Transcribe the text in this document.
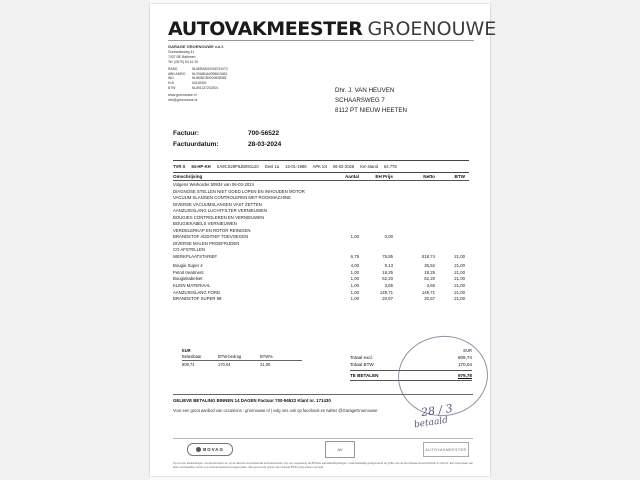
AUTOVAKMEESTER GROENOUWE
GARAGE GROENOUWE v.o.f.
Gorsselseweg 41
7437 BE Bathmen
Tel. (0570) 54 16 20
RABO	NL86RABO0306731070
ABN AMRO NL09ABNA0098619463
ING	NL86INGB0000838065
KvK	54118492
BTW	NL851137231B01
www.groenouwe.nl
info@groenouwe.nl
Dhr. J. VAN HEUVEN
SCHAARSWEG 7
8112 PT NIEUW HEETEN
Factuur:	700-56522
Factuurdatum:	28-03-2024
TVR S	94-HP-KH	SA9CS28P6JB091120	Deel 1a	15-01-1988	APK tot	06-02-2026	Km stand	64.778
Omschrijving	Aantal	EH Prijs	Netto	BTW
Volgens Werkorder 50934 van 06-03-2024
DIAGNOSE STELLEN NIET GOED LOPEN EN INHOUDEN MOTOR
VACUUM SLANGEN CONTROLEREN MET ROOKMACHINE
DIVERSE VACUUMSLANGEN VAST ZETTEN
AANZUIGSLANG LUCHTFILTER VERNIEUWEN
BOUGIES CONTROLEREN EN VERNIEUWEN
BOUGIEKABELS VERNIEUWEN
VERDELERKAP EN ROTOR REINIGEN
BRANDSTOF ADDITIEF TOEVOEGEN	1,00	0,00
DIVERSE MALEN PROEFRIJDEN
CO AFSTELLEN
WERKPLAATSTARIEF	6,75	76,85	518,74	21,00
Bougie Super 4	4,00	9,13	36,52	21,00
Petrol treatment	1,00	18,25	18,25	21,00
Bougiekabelset	1,00	62,20	62,20	21,00
KLEIN MATERIAAL	1,00	3,65	3,65	21,00
AANZUIGSLANG FORD	1,00	149,71	149,71	21,00
BRANDSTOF SUPER 98	1,00	20,67	20,67	21,00
EUR
Belastbaar	BTW-bedrag	BTW%
809,74	170,04	21,00
EUR
Totaal excl.	809,74
Totaal BTW	170,04
TE BETALEN	979,78
GELIEVE BETALING BINNEN 14 DAGEN Factuur 700-56522 Klant nr. 171430
Voor een groot aanbod van occasions : groenouwe.nl | volg ons ook op facebook en twitter @GarageGroenouwe
BOVAG	AV	AUTOVAKMEESTER
Op al onze aanbiedingen, overeenkomsten en op de daaruit voortvloeiende werkzaamheden zijn van toepassing de BOVAG standaardbepalingen, zoals laatstelijk gedeponeerd ter griffie van de Arrondissementsrechtbank te Utrecht. Een exemplaar van deze voorwaarden wordt u op verzoek kosteloos toegezonden. Alle genoemde prijzen zijn inclusief BTW tenzij anders vermeld.
28 / 3
betaald
